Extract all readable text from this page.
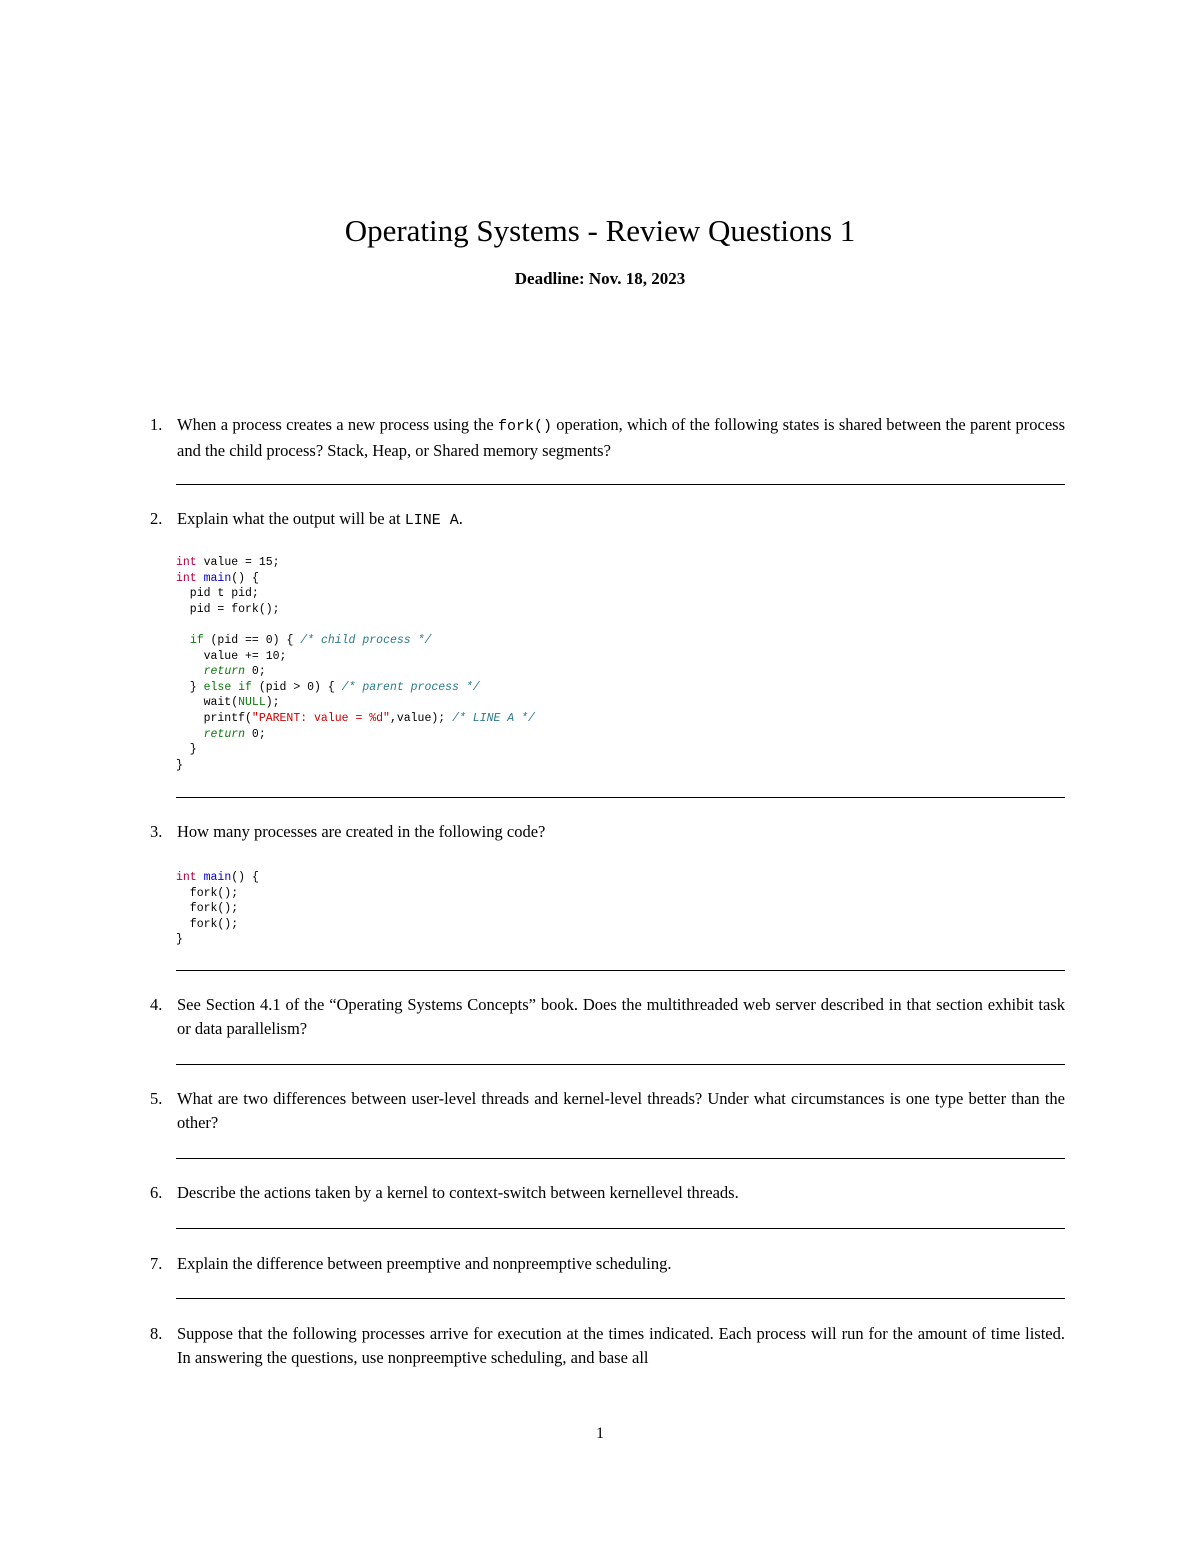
Operating Systems - Review Questions 1
Deadline: Nov. 18, 2023
1. When a process creates a new process using the fork() operation, which of the following states is shared between the parent process and the child process? Stack, Heap, or Shared memory segments?
2. Explain what the output will be at LINE A.
int value = 15;
int main() {
pid t pid;
pid = fork();

if (pid == 0) { /* child process */
value += 10;
return 0;
} else if (pid > 0) { /* parent process */
wait(NULL);
printf("PARENT: value = %d",value); /* LINE A */
return 0;
}
}
3. How many processes are created in the following code?
int main() {
fork();
fork();
fork();
}
4. See Section 4.1 of the “Operating Systems Concepts” book. Does the multithreaded web server described in that section exhibit task or data parallelism?
5. What are two differences between user-level threads and kernel-level threads? Under what circumstances is one type better than the other?
6. Describe the actions taken by a kernel to context-switch between kernellevel threads.
7. Explain the difference between preemptive and nonpreemptive scheduling.
8. Suppose that the following processes arrive for execution at the times indicated. Each process will run for the amount of time listed. In answering the questions, use nonpreemptive scheduling, and base all
1
